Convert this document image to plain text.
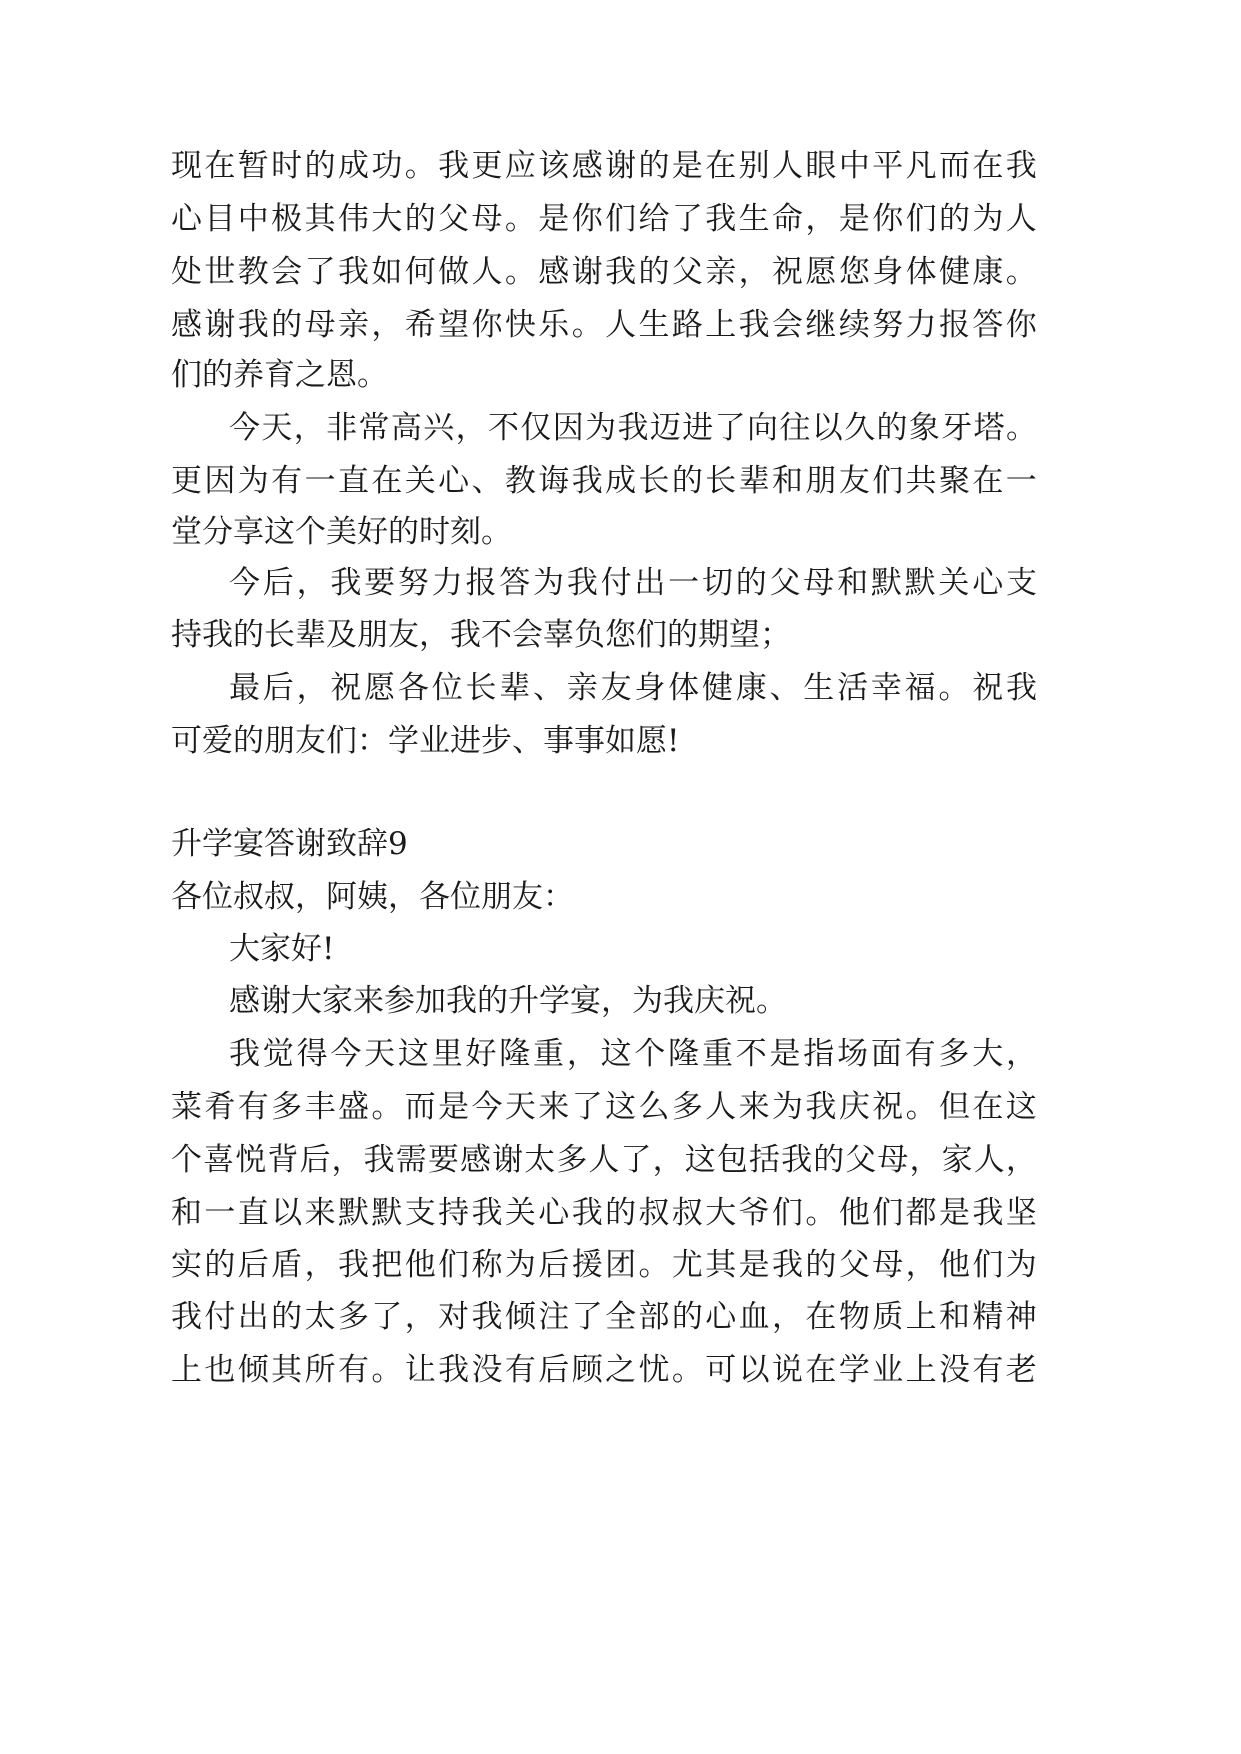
现 在 暂 时 的 成 功 。 我 更 应 该 感 谢 的 是 在 别 人 眼 中 平 凡 而 在 我
心 目 中 极 其 伟 大 的 父 母 。 是 你 们 给 了 我 生 命 ， 是 你 们 的 为 人
处 世 教 会 了 我 如 何 做 人 。 感 谢 我 的 父 亲 ， 祝 愿 您 身 体 健 康 。
感 谢 我 的 母 亲 ， 希 望 你 快 乐 。 人 生 路 上 我 会 继 续 努 力 报 答 你
们的养育之恩。
今 天 ， 非 常 高 兴 ， 不 仅 因 为 我 迈 进 了 向 往 以 久 的 象 牙 塔 。
更 因 为 有 一 直 在 关 心 、 教 诲 我 成 长 的 长 辈 和 朋 友 们 共 聚 在 一
堂分享这个美好的时刻。
今 后 ， 我 要 努 力 报 答 为 我 付 出 一 切 的 父 母 和 默 默 关 心 支
持我的长辈及朋友，我不会辜负您们的期望；
最 后 ， 祝 愿 各 位 长 辈 、 亲 友 身 体 健 康 、 生 活 幸 福 。 祝 我
可爱的朋友们：学业进步、事事如愿!
升学宴答谢致辞9
各位叔叔，阿姨，各位朋友：
大家好!
感谢大家来参加我的升学宴，为我庆祝。
我 觉 得 今 天 这 里 好 隆 重 ， 这 个 隆 重 不 是 指 场 面 有 多 大 ，
菜 肴 有 多 丰 盛 。 而 是 今 天 来 了 这 么 多 人 来 为 我 庆 祝 。 但 在 这
个 喜 悦 背 后 ， 我 需 要 感 谢 太 多 人 了 ， 这 包 括 我 的 父 母 ， 家 人 ，
和 一 直 以 来 默 默 支 持 我 关 心 我 的 叔 叔 大 爷 们 。 他 们 都 是 我 坚
实 的 后 盾 ， 我 把 他 们 称 为 后 援 团 。 尤 其 是 我 的 父 母 ， 他 们 为
我 付 出 的 太 多 了 ， 对 我 倾 注 了 全 部 的 心 血 ， 在 物 质 上 和 精 神
上 也 倾 其 所 有 。 让 我 没 有 后 顾 之 忧 。 可 以 说 在 学 业 上 没 有 老
